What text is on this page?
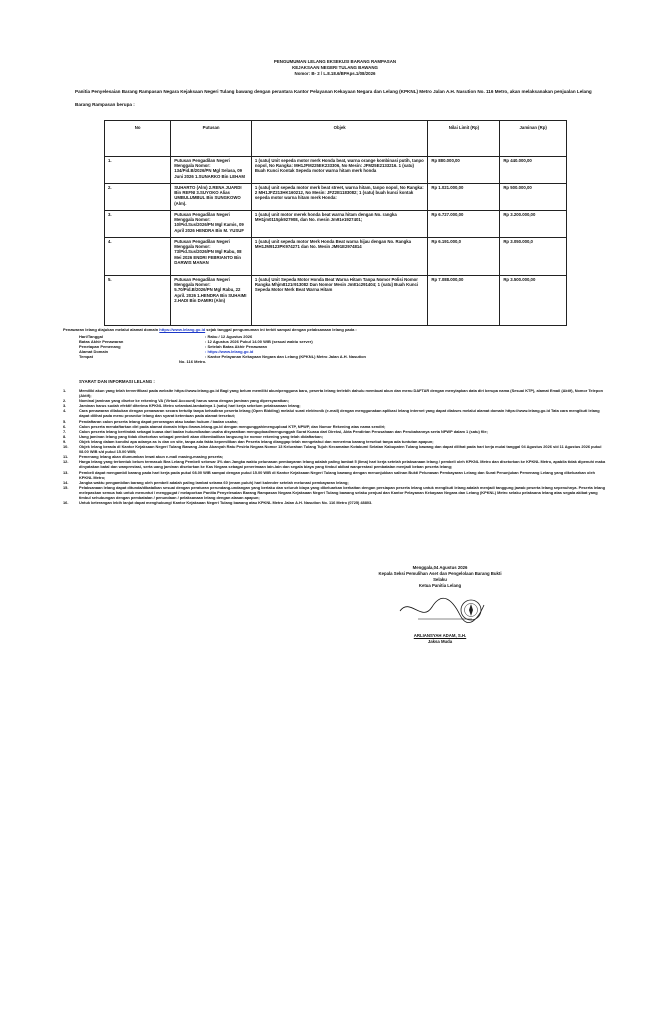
PENGUMUMAN LELANG EKSEKUSI BARANG RAMPASAN
KEJAKSAAN NEGERI TULANG BAWANG
Nomor: B- 2 / L.8.18.6/BPAps.1/08/2026
Panitia Penyelesaian Barang Rampasan Negara Kejaksaan Negeri Tulang bawang dengan perantara Kantor Pelayanan Kekayaan Negara dan Lelang (KPKNL) Metro Jalan A.H. Nasution No. 116 Metro, akan melaksanakan penjualan Lelang Barang Rampasan berupa :
No	Putusan	Objek	Nilai Limit (Rp)	Jaminan (Rp)
1.	Putusan Pengadilan Negeri Menggala Nomor: 134/Pid.B/2026/PN Mgl Selasa, 09 Juni 2026 1.SUNARKO Bin LEHAM	1 (satu) Unit sepeda motor merk Honda beat, warna orange kombinasi putih, tanpo nopol, No Rangka: MH1JFM225EK233306, No Mesin: JFM25E2133216. 1 (satu) Buah Kunci Kontak Sepeda motor warna hitam merk honda	Rp 880.000,00	Rp 440.000,00
2.	SUHARTO (Alm) 2.RENA JUARDI Bin REFNI 3.SUYOKO Alias UMBULUMBUL Bin SUNGKOWO (Alm).	1 (satu) unit sepeda motor merk beat street, warna hitam, tanpo nopol, No Rangka: 2 MH1JFZ213HK160212, No Mesin: JFZ2E1183082; 1 (satu) buah kunci kontak sepeda motor warna hitam merk Honda:	Rp 1.021.000,00	Rp 500.000,00
3.	Putusan Pengadilan Negeri Menggala Nomor: 10/Pid.Sus/2026/PN Mgl Kamis, 09 April 2026 HENDRA Bin M. YUSUF	1 (satu) unit motor merek honda beat warna hitam dengan No. rangka MH1jm0115pk927908, dan No. mesin Jm91e1927401;	Rp 6.727.000,00	Rp 3.200.000,00
4.	Putusan Pengadilan Negeri Menggala Nomor: 73/Pid.Sus/2026/PN Mgl Rabu, 08 Mei 2026 ENDRI FEBRIANTO Bin DARWIS MANAN	1 (satu) unit sepeda motor Merk Honda Beat warna hijau dengan No. Rangka MH1JM9123PK974271 dan No. Mesin JM91E2974814	Rp 6.191.000,0	Rp 3.050.000,0
5.	Putusan Pengadilan Negeri Menggala Nomor: 5.70/Pid.B/2026/PN Mgl Rabu, 22 April. 2026 1.HENDRA Bin SUHAIMI 2.HADI Bin DAMIRI (Alm)	1 (satu) Unit Sepeda Motor Honda Beat Warna Hitam Tanpa Nomor Polisi Nomor Rangka Mhjm8121r913082 Dan Nomor Mesin Jm81c291404; 1 (satu) Buah Kunci Sepeda Motor Merk Beat Warna Hitam	Rp 7.088.000,00	Rp 3.500.000,00
Penawaran lelang diajukan melalui alamat domain https://www.lelang.go.id sejak tanggal pengumuman ini terbit sampai dengan pelaksanaan lelang pada :
Hari/Tanggal	: Rabu / 12 Agustus 2026
Batas Akhir Penawaran	: 12 Agustus 2026 Pukul 14.00 WIB (sesuai waktu server)
Penetapan Pemenang	: Setelah Batas Akhir Penawaran
Alamat Domain	: https://www.lelang.go.id
Tempat	: Kantor Pelayanan Kekayaan Negara dan Lelang (KPKNL) Metro Jalan A.H. Nasution
No. 116 Metro.
SYARAT DAN INFORMASI LELANG :
1.	Memiliki akun yang telah terverifikasi pada website https://www.lelang.go.id Bagi yang belum memiliki akun/pengguna baru, peserta lelang terlebih dahulu membuat akun dan menu DAFTAR dengan menyiapkan data diri berupa nama (Sesuai KTP), alamat Email (Aktif), Nomor Telepon (Aktif);
2.	Nominal jaminan yang disetor ke rekening VA (Virtual Account) harus sama dengan jaminan yang dipersyaratkan;
3.	Jaminan harus sudah efektif diterima KPKNL Metro selambat-lambatnya 1 (satu) hari kerja sebelum pelaksanaan lelang;
4.	Cara penawaran dilakukan dengan penawaran secara tertutip tanpa kehadiran peserta lelang (Open Bidding) melalui surat elektronik (e-mail) dengan menggunakan aplikasi lelang internet yang dapat diakses melalui alamat domain https://www.lelang.go.id Tata cara mengikuti lelang dapat dilihat pada menu prosedur lelang dan syarat ketentuan pada alamat tersebut;
5.	Pendaftaran calon peserta lelang dapat perorangan atau badan hukum / badan usaha;
6.	Calon peserta mendaftarkan diri pada alamat domain https://www.lelang.go.id dengan mengunggah/mengupload KTP, NPWP, dan Nomor Rekening atas nama sendiri;
7.	Calon peserta lelang bertindak sebagai kuasa dari badan hukum/badan usaha disyaratkan mengupload/mengunggah Surat Kuasa dari Direksi, Akta Pendirian Perusahaan dan Perubahannya serta NPWP dalam 1 (satu) file;
8.	Uang jaminan lelang yang tidak disetorkan sebagai pembeli akan dikembalikan langsung ke nomor rekening yang telah didaftarkan;
9.	Objek lelang dalam kondisi apa adanya as is dan on site, tanpa ada fakta kepemilikan dan Peserta lelang dianggap telah mengetahui dan menerima barang tersebut tanpa ada tuntutan apapun;
10.	Objek lelang berada di Kantor Kejaksaan Negeri Tulang Bawang Jalan Abanyah Ratu Pesirla Negara Nomor 13 Kelurahan Tulang Tujuh Kecamatan Kotabumi Selatan Kabupaten Tulang bawang dan dapat dilihat pada hari kerja mulai tanggal 04 Agustus 2026 s/d 11 Agustus 2026 pukul 08.00 WIB s/d pukul 15.00 WIB;
11.	Pemenang lelang akan diumumkan lewat akun e-mail masing-masing peserta;
12.	Harga lelang yang terbentuk belum termasuk Bea Lelang Pembeli sebesar 3% dan Jangka waktu pelunasan pembayaran lelang adalah paling lambat 5 (lima) hari kerja setelah pelaksanaan lelang / pembeli oleh KPKNL Metro dan disetorkan ke KPKNL Metro, apabila tidak dipenuhi maka dinyatakan batal dan wanprestasi, serta uang jaminan disetorkan ke Kas Negara sebagai penerimaan lain-lain dan segala biaya yang timbul akibat wanprestasi pembatalan menjadi beban peserta lelang;
13.	Pembeli dapat mengambil barang pada hari kerja pada pukul 08.00 WIB sampai dengan pukul 15.00 WIB di Kantor Kejaksaan Negeri Tulang bawang dengan menunjukkan salinan Bukti Pelunasan Pembayaran Lelang dan Surat Penunjukan Pemenang Lelang yang dikeluarkan oleh KPKNL Metro;
14.	Jangka waktu pengambilan barang oleh pembeli adalah paling lambat selama 60 (enam puluh) hari kalender setelah melunasi pembayaran lelang;
15.	Pelaksanaan lelang dapat ditunda/dibatalkan sesuai dengan peraturan perundang-undangan yang berlaku dan seluruh biaya yang dikeluarkan berkaitan dengan persiapan peserta lelang untuk mengikuti lelang adalah menjadi tanggung jawab peserta lelang sepenuhnya. Peserta lelang melepaskan semua hak untuk menuntut / menggugat / melaporkan Panitia Penyelesaian Barang Rampasan Negara Kejaksaan Negeri Tulang bawang selaku penjual dan Kantor Pelayanan Kekayaan Negara dan Lelang (KPKNL) Metro selaku pelaksana lelang atas segala akibat yang timbul sehubungan dengan pembatalan / penundaan / pelaksanaan lelang dengan alasan apapun;
16.	Untuk keterangan lebih lanjut dapat menghubungi Kantor Kejaksaan Negeri Tulang bawang atau KPKNL Metro Jalan A.H. Nasution No. 116 Metro (0725) 48803.
Menggala,04 Agustus 2026
Kepala Seksi Pemulihan Aset dan Pengelolaan Barang Bukti
Selaku
Ketua Panitia Lelang
ARLIANSYAH ADAM, S.H.
Jaksa Muda
